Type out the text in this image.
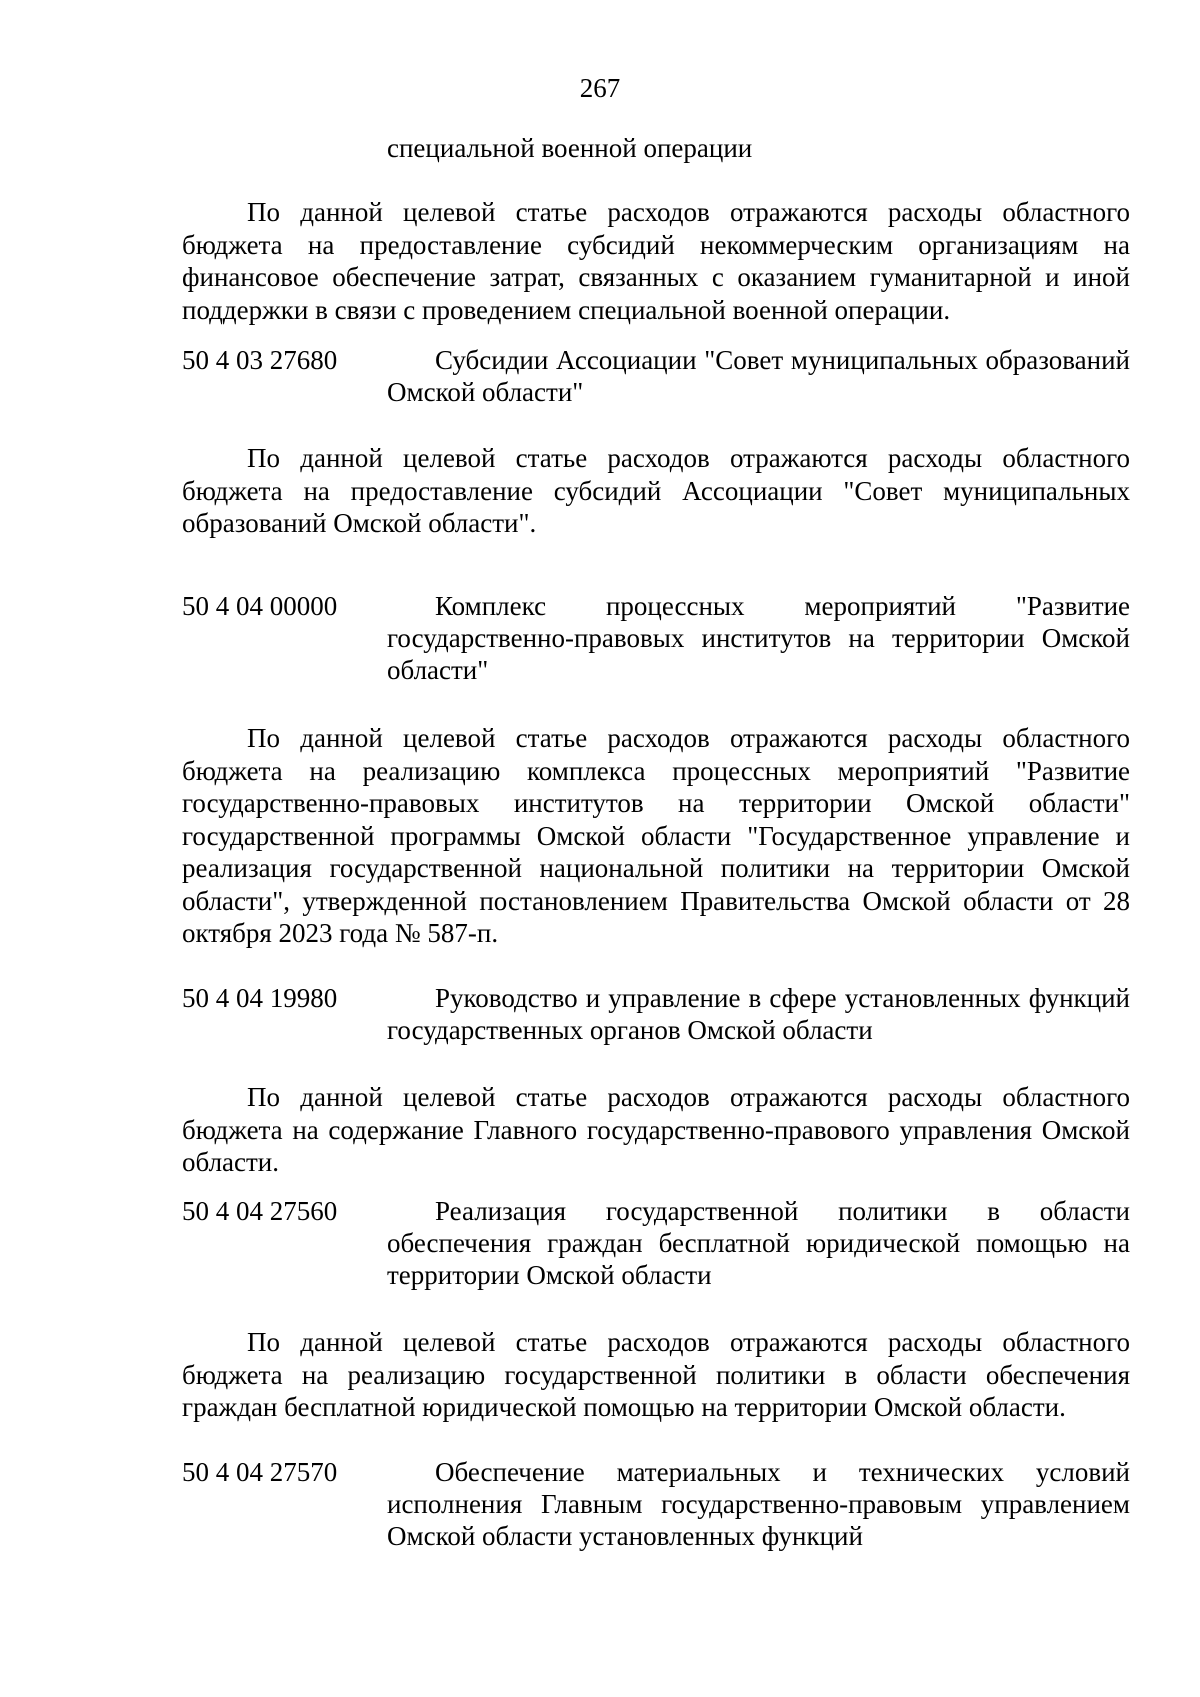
267
специальной военной операции
По данной целевой статье расходов отражаются расходы областного бюджета на предоставление субсидий некоммерческим организациям на финансовое обеспечение затрат, связанных с оказанием гуманитарной и иной поддержки в связи с проведением специальной военной операции.
50 4 03 27680	Субсидии Ассоциации "Совет муниципальных образований Омской области"
По данной целевой статье расходов отражаются расходы областного бюджета на предоставление субсидий Ассоциации "Совет муниципальных образований Омской области".
50 4 04 00000	Комплекс процессных мероприятий "Развитие государственно-правовых институтов на территории Омской области"
По данной целевой статье расходов отражаются расходы областного бюджета на реализацию комплекса процессных мероприятий "Развитие государственно-правовых институтов на территории Омской области" государственной программы Омской области "Государственное управление и реализация государственной национальной политики на территории Омской области", утвержденной постановлением Правительства Омской области от 28 октября 2023 года № 587-п.
50 4 04 19980	Руководство и управление в сфере установленных функций государственных органов Омской области
По данной целевой статье расходов отражаются расходы областного бюджета на содержание Главного государственно-правового управления Омской области.
50 4 04 27560	Реализация государственной политики в области обеспечения граждан бесплатной юридической помощью на территории Омской области
По данной целевой статье расходов отражаются расходы областного бюджета на реализацию государственной политики в области обеспечения граждан бесплатной юридической помощью на территории Омской области.
50 4 04 27570	Обеспечение материальных и технических условий исполнения Главным государственно-правовым управлением Омской области установленных функций
